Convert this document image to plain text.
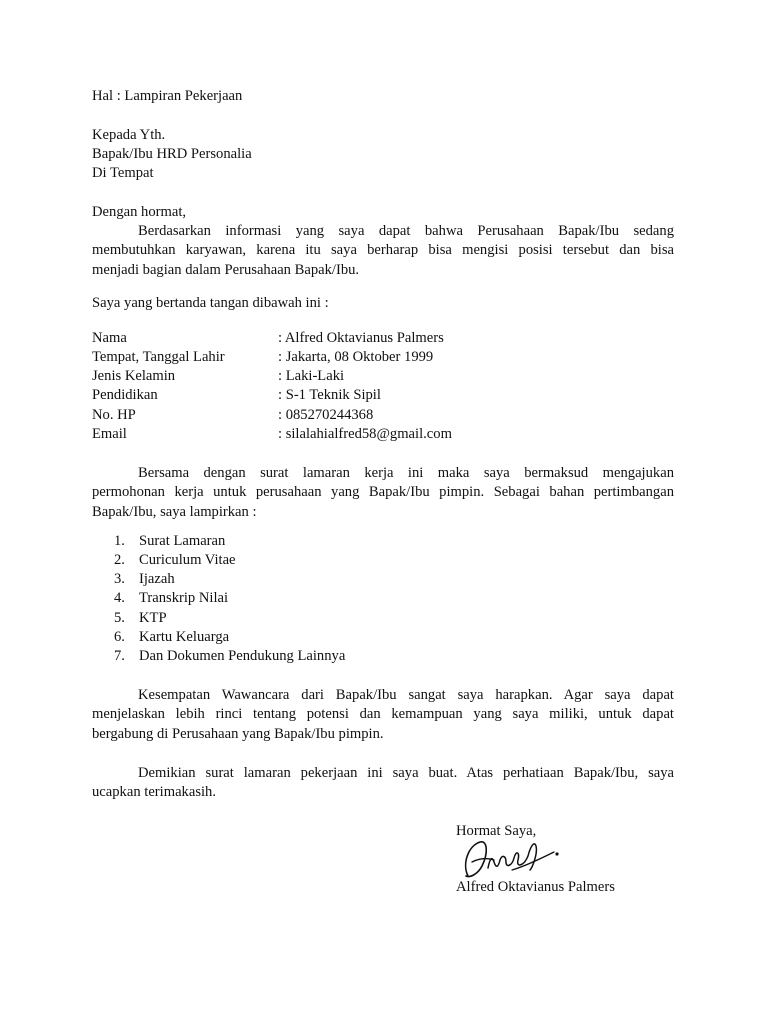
Hal : Lampiran Pekerjaan
Kepada Yth.
Bapak/Ibu HRD Personalia
Di Tempat
Dengan hormat,
Berdasarkan informasi yang saya dapat bahwa Perusahaan Bapak/Ibu sedang
membutuhkan karyawan, karena itu saya berharap bisa mengisi posisi tersebut dan bisa
menjadi bagian dalam Perusahaan Bapak/Ibu.
Saya yang bertanda tangan dibawah ini :
Nama	: Alfred Oktavianus Palmers
Tempat, Tanggal Lahir	: Jakarta, 08 Oktober 1999
Jenis Kelamin	: Laki-Laki
Pendidikan	: S-1 Teknik Sipil
No. HP	: 085270244368
Email	: silalahialfred58@gmail.com
Bersama dengan surat lamaran kerja ini maka saya bermaksud mengajukan
permohonan kerja untuk perusahaan yang Bapak/Ibu pimpin. Sebagai bahan pertimbangan
Bapak/Ibu, saya lampirkan :
1. Surat Lamaran
2. Curiculum Vitae
3. Ijazah
4. Transkrip Nilai
5. KTP
6. Kartu Keluarga
7. Dan Dokumen Pendukung Lainnya
Kesempatan Wawancara dari Bapak/Ibu sangat saya harapkan. Agar saya dapat
menjelaskan lebih rinci tentang potensi dan kemampuan yang saya miliki, untuk dapat
bergabung di Perusahaan yang Bapak/Ibu pimpin.
Demikian surat lamaran pekerjaan ini saya buat. Atas perhatiaan Bapak/Ibu, saya
ucapkan terimakasih.
Hormat Saya,
Alfred Oktavianus Palmers
